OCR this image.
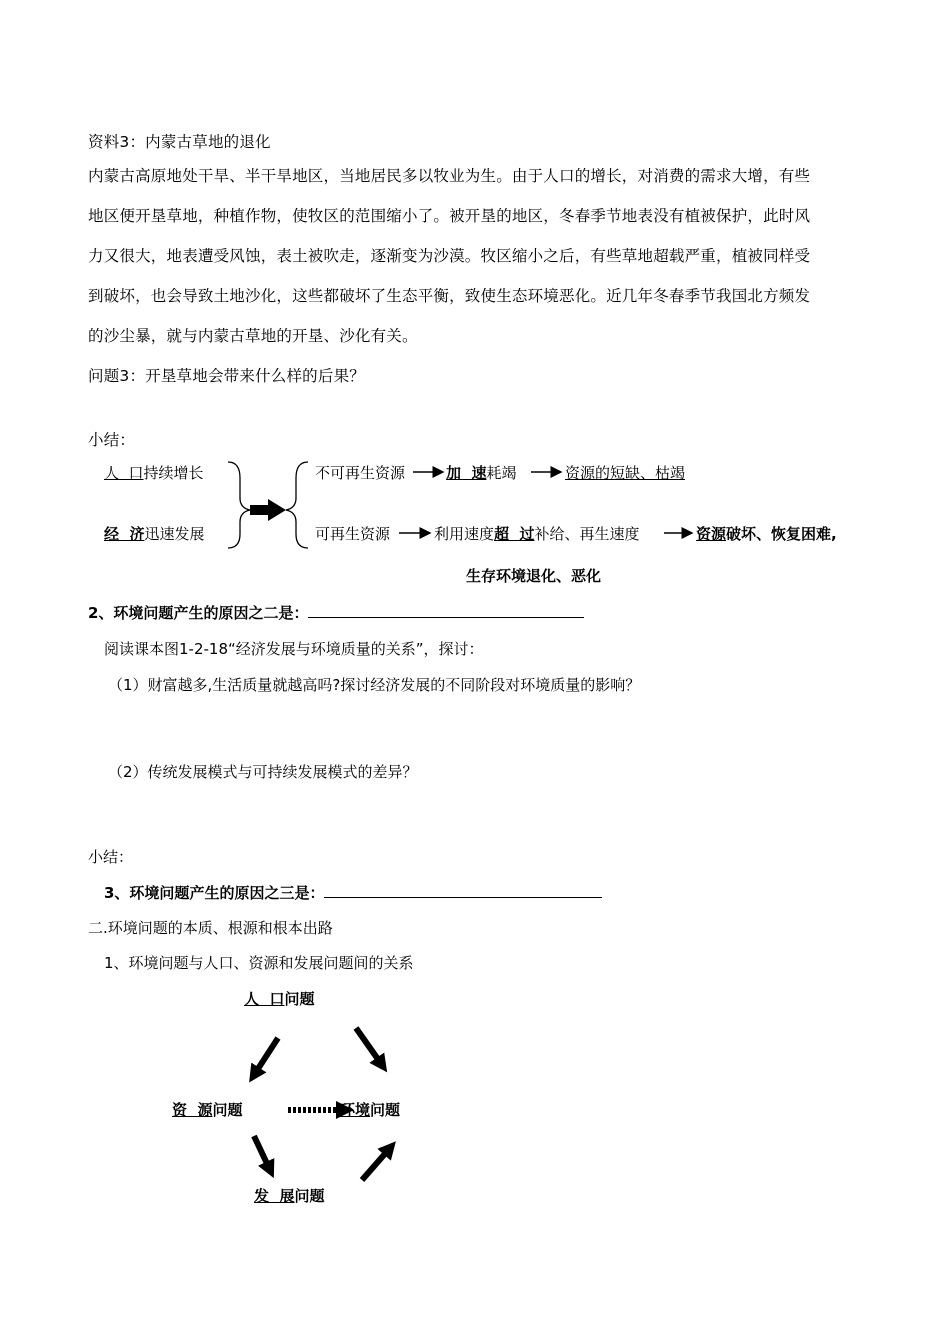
资料3：内蒙古草地的退化
内蒙古高原地处干旱、半干旱地区，当地居民多以牧业为生。由于人口的增长，对消费的需求大增，有些
地区便开垦草地，种植作物，使牧区的范围缩小了。被开垦的地区，冬春季节地表没有植被保护，此时风
力又很大，地表遭受风蚀，表土被吹走，逐渐变为沙漠。牧区缩小之后，有些草地超载严重，植被同样受
到破坏，也会导致土地沙化，这些都破坏了生态平衡，致使生态环境恶化。近几年冬春季节我国北方频发
的沙尘暴，就与内蒙古草地的开垦、沙化有关。
问题3：开垦草地会带来什么样的后果？
小结：
人  口持续增长
经  济迅速发展
不可再生资源	加  速耗竭	资源的短缺、枯竭
可再生资源	利用速度超  过补给、再生速度	资源破坏、恢复困难,
生存环境退化、恶化
2、环境问题产生的原因之二是：
阅读课本图1-2-18“经济发展与环境质量的关系”，探讨：
（1）财富越多,生活质量就越高吗?探讨经济发展的不同阶段对环境质量的影响？
（2）传统发展模式与可持续发展模式的差异？
小结：
3、环境问题产生的原因之三是：
二.环境问题的本质、根源和根本出路
1、环境问题与人口、资源和发展问题间的关系
人  口问题
资  源问题	环境问题
发  展问题
